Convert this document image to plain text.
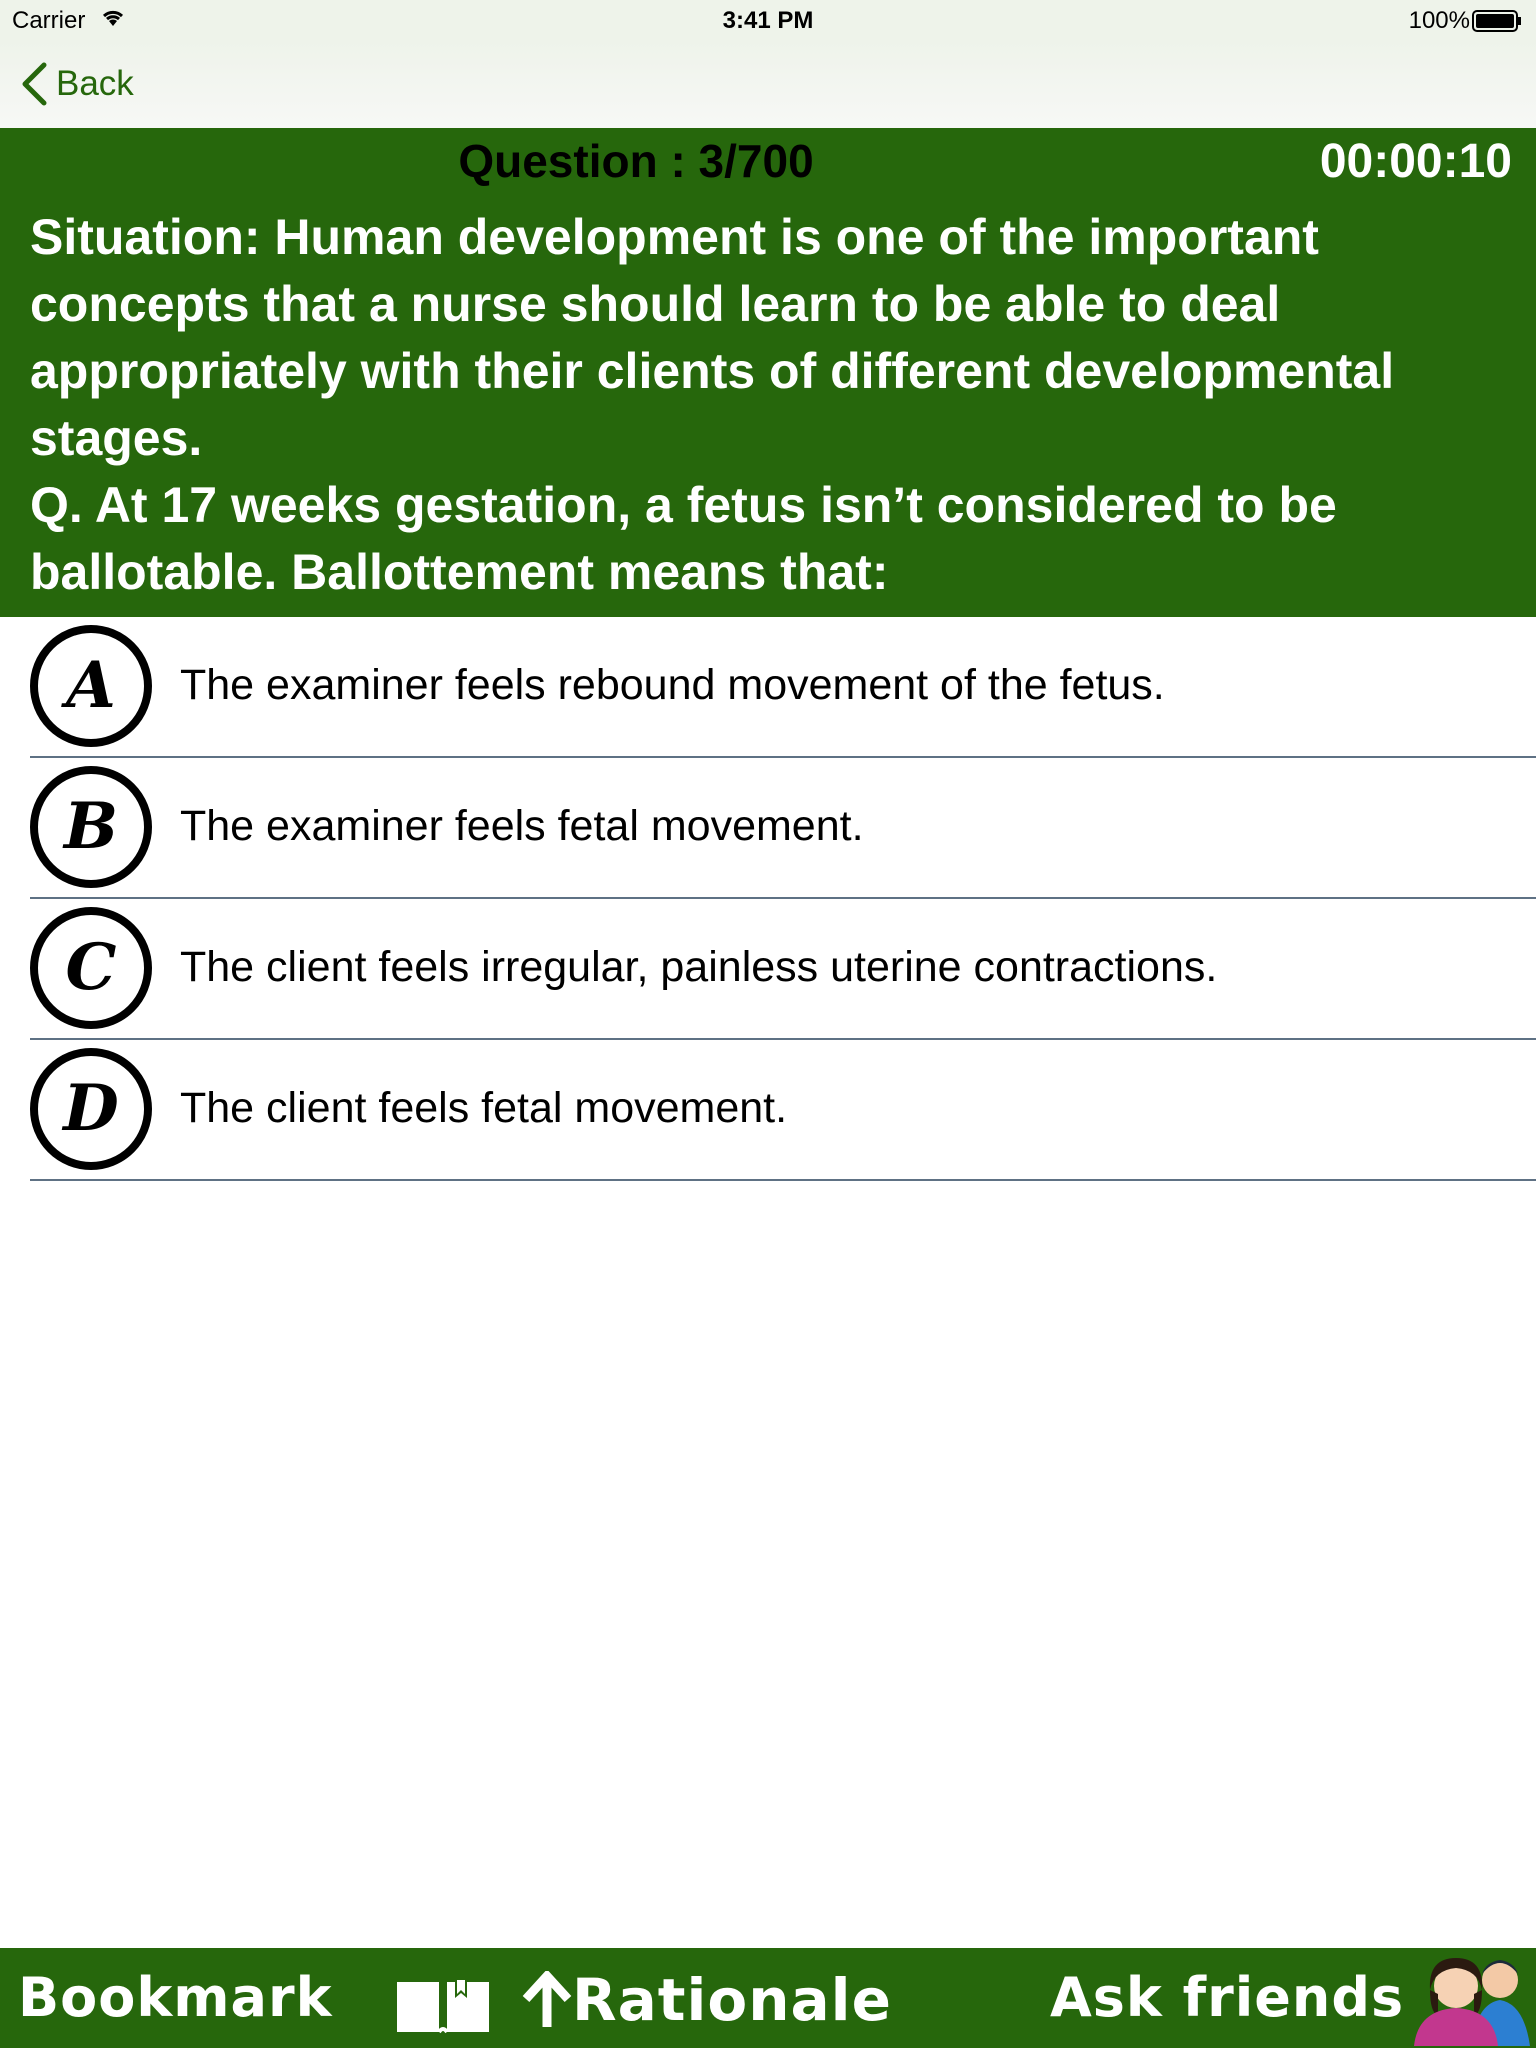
Carrier	3:41 PM	100%
Back
Question : 3/700	00:00:10
Situation: Human development is one of the important concepts that a nurse should learn to be able to deal appropriately with their clients of different developmental stages.
Q. At 17 weeks gestation, a fetus isn’t considered to be ballotable. Ballottement means that:
A The examiner feels rebound movement of the fetus.
B The examiner feels fetal movement.
C The client feels irregular, painless uterine contractions.
D The client feels fetal movement.
Bookmark	Rationale	Ask friends
